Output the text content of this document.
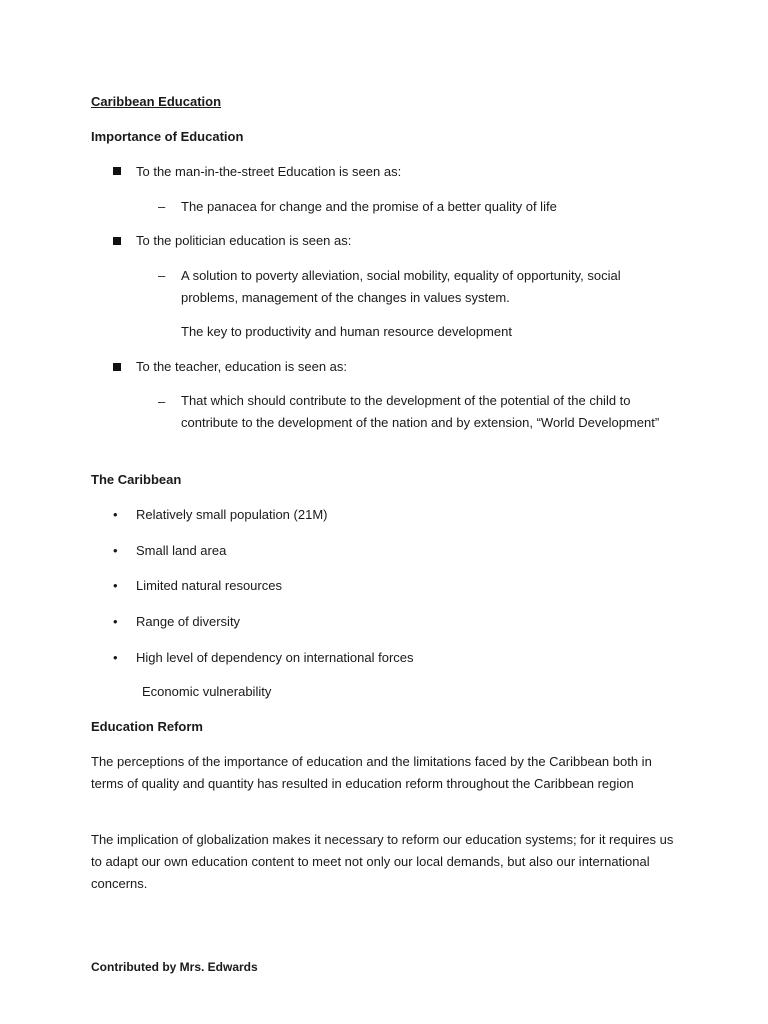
Caribbean Education
Importance of Education
To the man-in-the-street Education is seen as:
– The panacea for change and the promise of a better quality of life
To the politician education is seen as:
– A solution to poverty alleviation, social mobility, equality of opportunity, social problems, management of the changes in values system.
The key to productivity and human resource development
To the teacher, education is seen as:
– That which should contribute to the development of the potential of the child to contribute to the development of the nation and by extension, “World Development”
The Caribbean
• Relatively small population (21M)
• Small land area
• Limited natural resources
• Range of diversity
• High level of dependency on international forces
Economic vulnerability
Education Reform
The perceptions of the importance of education and the limitations faced by the Caribbean both in terms of quality and quantity has resulted in education reform throughout the Caribbean region
The implication of globalization makes it necessary to reform our education systems; for it requires us to adapt our own education content to meet not only our local demands, but also our international concerns.
Contributed by Mrs. Edwards
